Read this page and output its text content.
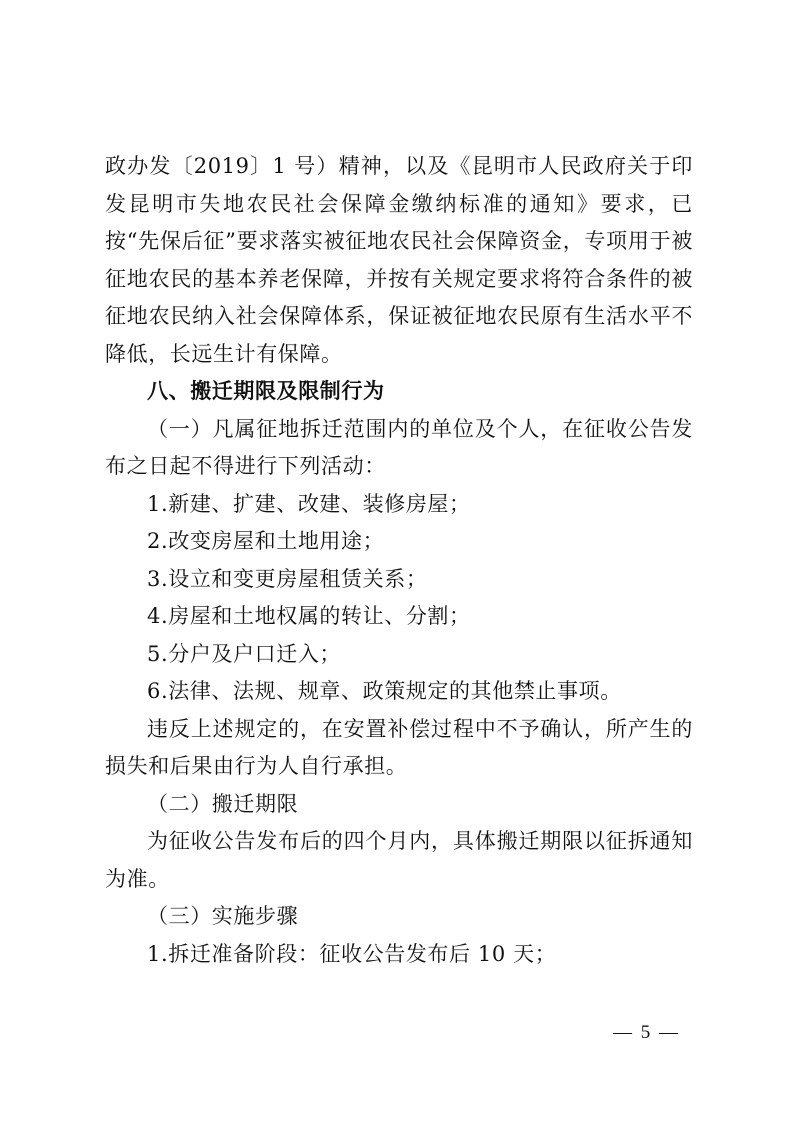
政办发〔2019〕1 号）精神，以及《昆明市人民政府关于印发昆明市失地农民社会保障金缴纳标准的通知》要求，已按“先保后征”要求落实被征地农民社会保障资金，专项用于被征地农民的基本养老保障，并按有关规定要求将符合条件的被征地农民纳入社会保障体系，保证被征地农民原有生活水平不降低，长远生计有保障。

八、搬迁期限及限制行为

（一）凡属征地拆迁范围内的单位及个人，在征收公告发布之日起不得进行下列活动：

1.新建、扩建、改建、装修房屋；

2.改变房屋和土地用途；

3.设立和变更房屋租赁关系；

4.房屋和土地权属的转让、分割；

5.分户及户口迁入；

6.法律、法规、规章、政策规定的其他禁止事项。

违反上述规定的，在安置补偿过程中不予确认，所产生的损失和后果由行为人自行承担。

（二）搬迁期限

为征收公告发布后的四个月内，具体搬迁期限以征拆通知为准。

（三）实施步骤

1.拆迁准备阶段：征收公告发布后 10 天；

— 5 —
